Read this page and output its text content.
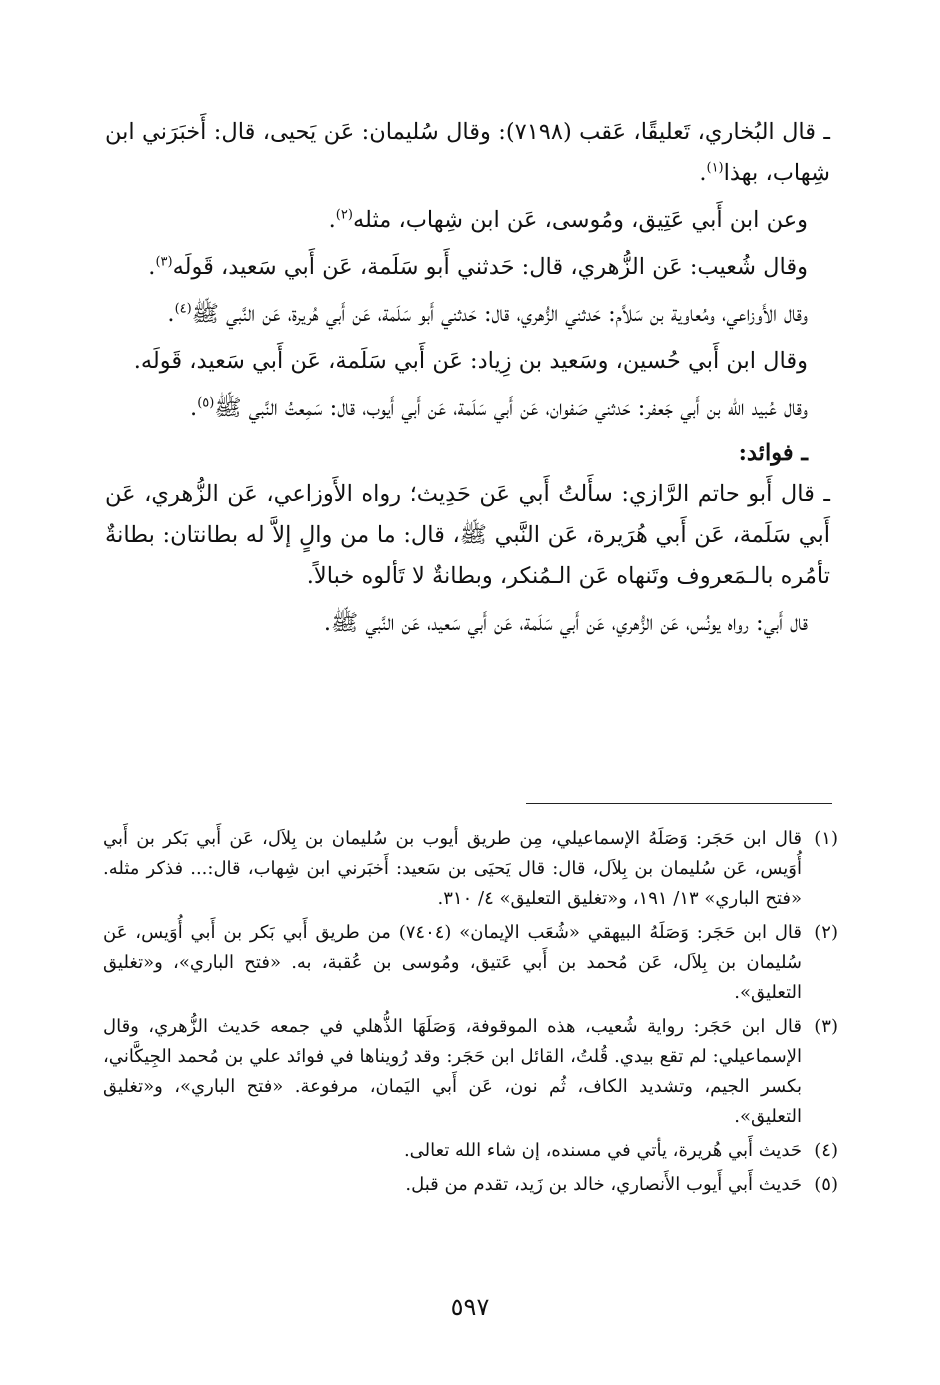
ـ قال البُخاري، تَعليقًا، عَقب (٧١٩٨): وقال سُليمان: عَن يَحيى، قال: أَخبَرَني ابن شِهاب، بهذا$^{(١)}$.

وعن ابن أَبي عَتِيق، ومُوسى، عَن ابن شِهاب، مثله$^{(٢)}$.

وقال شُعيب: عَن الزُّهري، قال: حَدثني أَبو سَلَمة، عَن أَبي سَعيد، قَولَه$^{(٣)}$.

وقال الأَوزاعي، ومُعاوية بن سَلاَّم: حَدثني الزُّهري، قال: حَدثني أَبو سَلَمة، عَن أَبي هُريرة، عَن النَّبي ﷺ$^{(٤)}$.

وقال ابن أَبي حُسين، وسَعيد بن زِياد: عَن أَبي سَلَمة، عَن أَبي سَعيد، قَولَه.

وقال عُبيد الله بن أَبي جَعفر: حَدثني صَفوان، عَن أَبي سَلَمة، عَن أَبي أَيوب، قال: سَمِعتُ النَّبي ﷺ$^{(٥)}$.

ـ فوائد:

ـ قال أَبو حاتم الرَّازي: سأَلتُ أَبي عَن حَدِيث؛ رواه الأَوزاعي، عَن الزُّهري، عَن أَبي سَلَمة، عَن أَبي هُرَيرة، عَن النَّبي ﷺ، قال: ما من والٍ إلاَّ له بطانتان: بطانةٌ تأمُره بالـمَعروف وتَنهاه عَن الـمُنكر، وبطانةٌ لا تَألوه خبالاً.

قال أَبي: رواه يونُس، عَن الزُّهري، عَن أَبي سَلَمة، عَن أَبي سَعيد، عَن النَّبي ﷺ.

(١)
قال ابن حَجَر: وَصَلَهُ الإسماعيلي، مِن طريق أيوب بن سُليمان بن بِلاَل، عَن أَبي بَكر بن أَبي أُوَيس، عَن سُليمان بن بِلاَل، قال: قال يَحيَى بن سَعيد: أَخبَرني ابن شِهاب، قال:... فذكر مثله. «فتح الباري» ١٣/ ١٩١، و«تغليق التعليق» ٤/ ٣١٠.
(٢)
قال ابن حَجَر: وَصَلَهُ البيهقي «شُعَب الإيمان» (٧٤٠٤) من طريق أَبي بَكر بن أَبي أُوَيس، عَن سُليمان بن بِلاَل، عَن مُحمد بن أَبي عَتيق، ومُوسى بن عُقبة، به. «فتح الباري»، و«تغليق التعليق».
(٣)
قال ابن حَجَر: رواية شُعيب، هذه الموقوفة، وَصَلَهَا الذُّهلي في جمعه حَديث الزُّهري، وقال الإسماعيلي: لم تقع بيدي. قُلتُ، القائل ابن حَجَر: وقد رُويناها في فوائد علي بن مُحمد الجِيكَّاني، بكسر الجيم، وتشديد الكاف، ثُم نون، عَن أَبي اليَمان، مرفوعة. «فتح الباري»، و«تغليق التعليق».
(٤)
حَديث أَبي هُريرة، يأتي في مسنده، إن شاء الله تعالى.
(٥)
حَديث أَبي أَيوب الأَنصاري، خالد بن زَيد، تقدم من قبل.
٥٩٧
